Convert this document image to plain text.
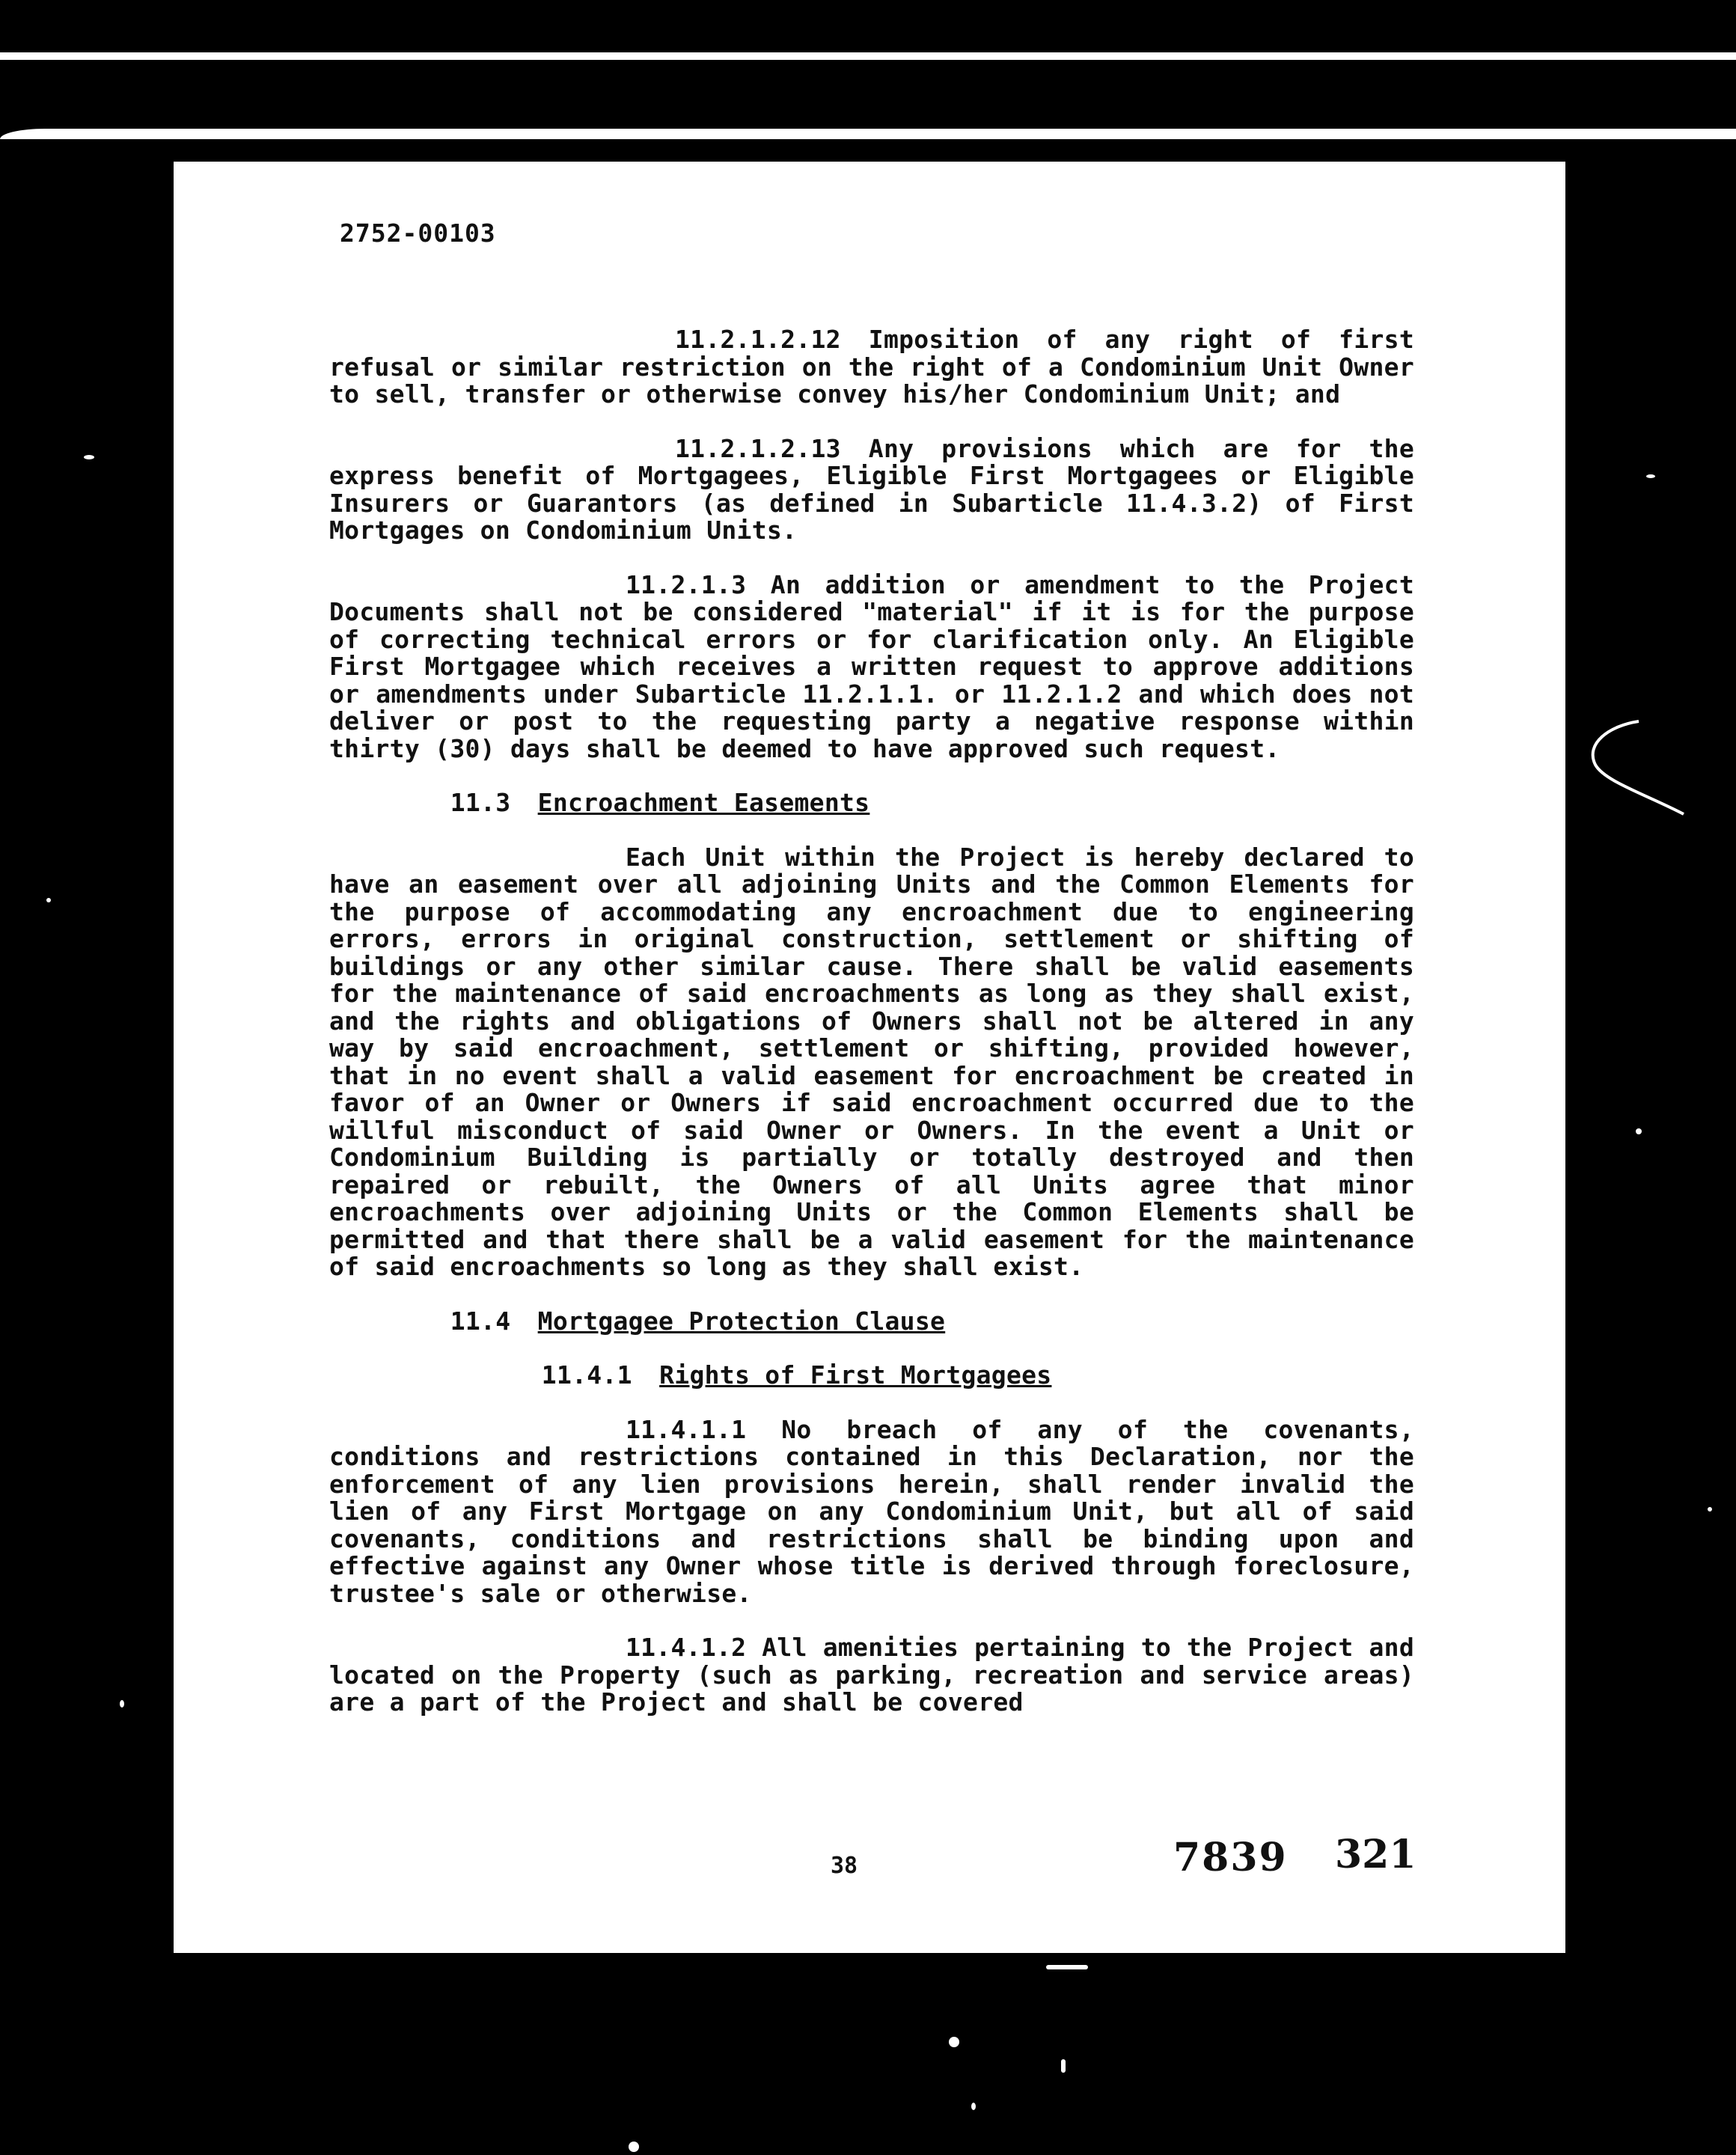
2752-00103

11.2.1.2.12 Imposition of any right of first refusal or similar restriction on the right of a Condominium Unit Owner to sell, transfer or otherwise convey his/her Condominium Unit; and

11.2.1.2.13 Any provisions which are for the express benefit of Mortgagees, Eligible First Mortgagees or Eligible Insurers or Guarantors (as defined in Subarticle 11.4.3.2) of First Mortgages on Condominium Units.

11.2.1.3 An addition or amendment to the Project Documents shall not be considered "material" if it is for the purpose of correcting technical errors or for clarification only. An Eligible First Mortgagee which receives a written request to approve additions or amendments under Subarticle 11.2.1.1. or 11.2.1.2 and which does not deliver or post to the requesting party a negative response within thirty (30) days shall be deemed to have approved such request.

11.3 Encroachment Easements

Each Unit within the Project is hereby declared to have an easement over all adjoining Units and the Common Elements for the purpose of accommodating any encroachment due to engineering errors, errors in original construction, settlement or shifting of buildings or any other similar cause. There shall be valid easements for the maintenance of said encroachments as long as they shall exist, and the rights and obligations of Owners shall not be altered in any way by said encroachment, settlement or shifting, provided however, that in no event shall a valid easement for encroachment be created in favor of an Owner or Owners if said encroachment occurred due to the willful misconduct of said Owner or Owners. In the event a Unit or Condominium Building is partially or totally destroyed and then repaired or rebuilt, the Owners of all Units agree that minor encroachments over adjoining Units or the Common Elements shall be permitted and that there shall be a valid easement for the maintenance of said encroachments so long as they shall exist.

11.4 Mortgagee Protection Clause
11.4.1 Rights of First Mortgagees

11.4.1.1 No breach of any of the covenants, conditions and restrictions contained in this Declaration, nor the enforcement of any lien provisions herein, shall render invalid the lien of any First Mortgage on any Condominium Unit, but all of said covenants, conditions and restrictions shall be binding upon and effective against any Owner whose title is derived through foreclosure, trustee's sale or otherwise.

11.4.1.2 All amenities pertaining to the Project and located on the Property (such as parking, recreation and service areas) are a part of the Project and shall be covered

38	7839 321
7822 830
